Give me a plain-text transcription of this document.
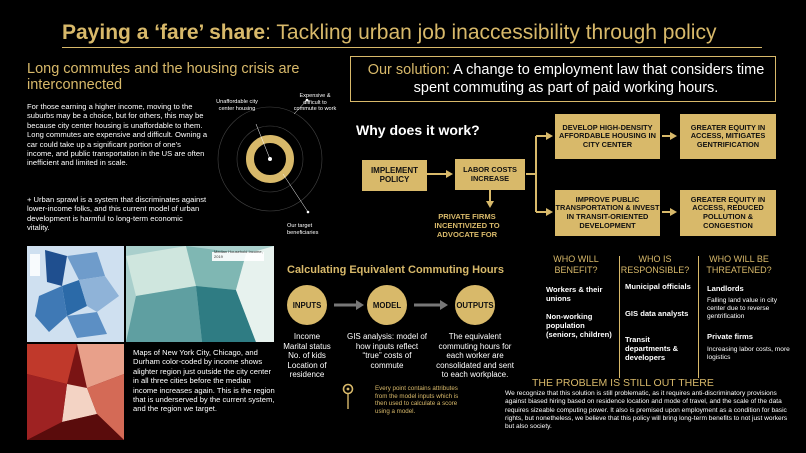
Paying a ‘fare’ share: Tackling urban job inaccessibility through policy
Long commutes and the housing crisis are interconnected
For those earning a higher income, moving to the suburbs may be a choice, but for others, this may be because city center housing is unaffordable to them. Long commutes are expensive and difficult. Owning a car could take up a significant portion of one’s income, and public transportation in the US are often inefficient and limited in scale.
+ Urban sprawl is a system that discriminates against lower-income folks, and this current model of urban development is harmful to long-term economic vitality.
Unaffordable city center housing
Expensive & difficult to commute to work
Our target beneficiaries
Median Household Income, 2019
Maps of New York City, Chicago, and Durham color-coded by income shows alighter region just outside the city center in all three cities before the median income increases again. This is the region that is underserved by the current system, and the region we target.
Our solution: A change to employment law that considers time spent commuting as part of paid working hours.
Why does it work?
IMPLEMENT POLICY
LABOR COSTS INCREASE
PRIVATE FIRMS INCENTIVIZED TO ADVOCATE FOR
DEVELOP HIGH-DENSITY AFFORDABLE HOUSING IN CITY CENTER
GREATER EQUITY IN ACCESS, MITIGATES GENTRIFICATION
IMPROVE PUBLIC TRANSPORTATION & INVEST IN TRANSIT-ORIENTED DEVELOPMENT
GREATER EQUITY IN ACCESS, REDUCED POLLUTION & CONGESTION
Calculating Equivalent Commuting Hours
INPUTS	MODEL	OUTPUTS
Income
Marital status
No. of kids
Location of residence
GIS analysis: model of how inputs reflect “true” costs of commute
The equivalent commuting hours for each worker are consolidated and sent to each workplace.
Every point contains attributes from the model inputs which is then used to calculate a score using a model.
WHO WILL BENEFIT?
WHO IS RESPONSIBLE?
WHO WILL BE THREATENED?
Workers & their unions
Non-working population (seniors, children)
Municipal officials
GIS data analysts
Transit departments & developers
Landlords
Falling land value in city center due to reverse gentrification
Private firms
Increasing labor costs, more logistics
THE PROBLEM IS STILL OUT THERE
We recognize that this solution is still problematic, as it requires anti-discriminatory provisions against biased hiring based on residence location and mode of travel, and the scale of the data requires sizeable computing power. It also is premised upon employment as a condition for basic rights, but nonetheless, we believe that this policy will bring long-term benefits to not just workers but also society.
